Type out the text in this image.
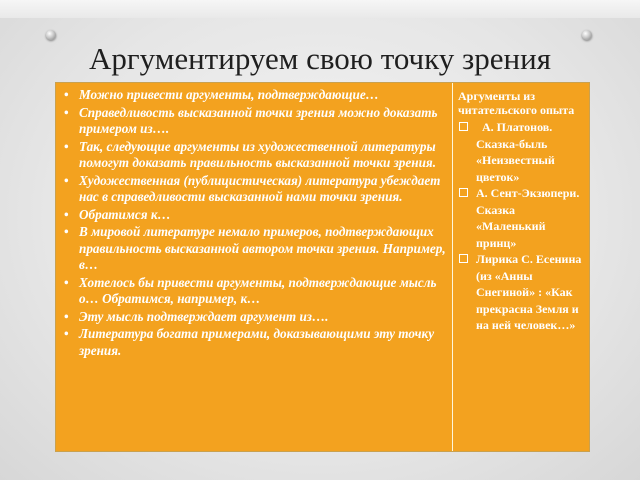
Аргументируем свою точку зрения
• Можно привести аргументы, подтверждающие…
• Справедливость высказанной точки зрения можно доказать примером из….
• Так, следующие аргументы из художественной литературы помогут доказать правильность высказанной точки зрения.
• Художественная (публицистическая) литература убеждает нас в справедливости высказанной нами точки зрения.
• Обратимся к…
• В мировой литературе немало примеров, подтверждающих правильность высказанной автором точки зрения. Например, в…
• Хотелось бы привести аргументы, подтверждающие мысль о… Обратимся, например, к…
• Эту мысль подтверждает аргумент из….
• Литература богата примерами, доказывающими эту точку зрения.
Аргументы из читательского опыта
А. Платонов. Сказка-быль «Неизвестный цветок»
А. Сент-Экзюпери. Сказка «Маленький принц»
Лирика С. Есенина (из «Анны Снегиной» : «Как прекрасна Земля и на ней человек…»
